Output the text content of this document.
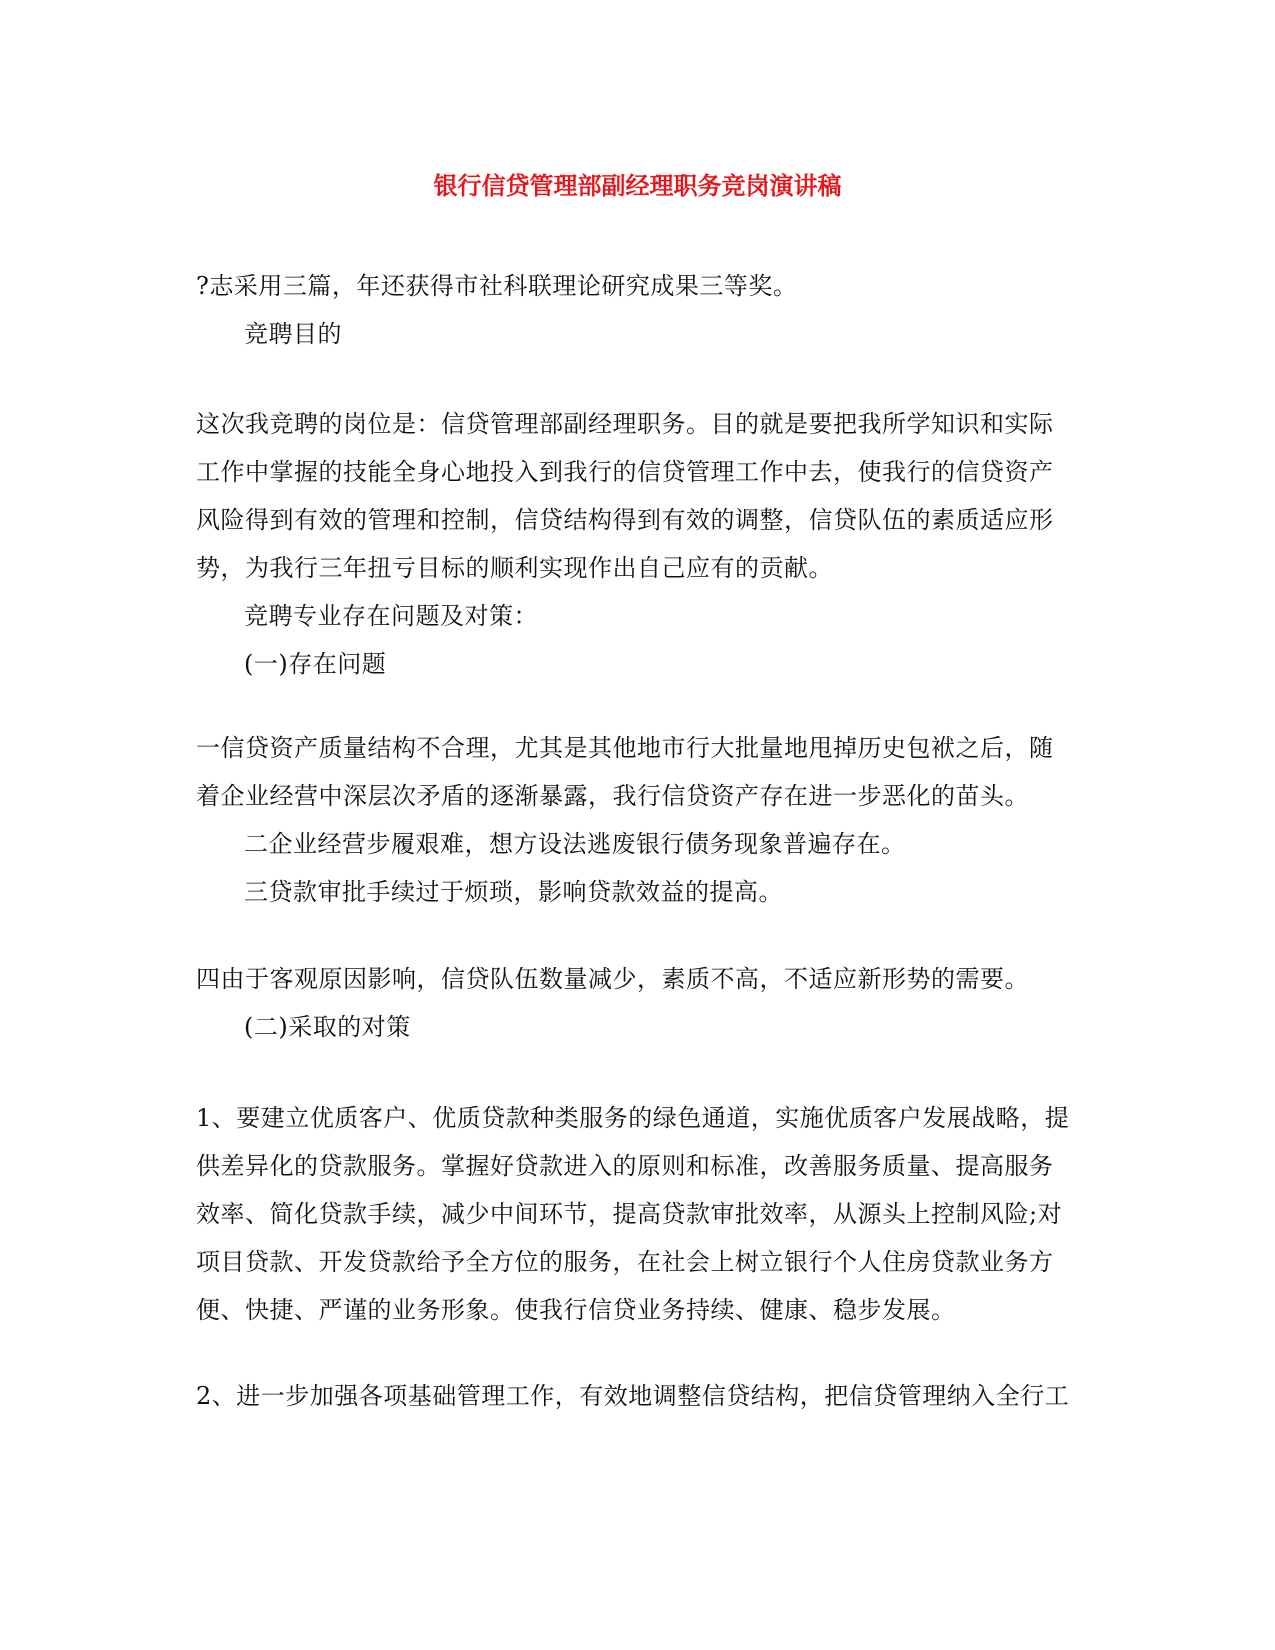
银行信贷管理部副经理职务竞岗演讲稿
?志采用三篇，年还获得市社科联理论研究成果三等奖。
竞聘目的
这次我竞聘的岗位是：信贷管理部副经理职务。目的就是要把我所学知识和实际
工作中掌握的技能全身心地投入到我行的信贷管理工作中去，使我行的信贷资产
风险得到有效的管理和控制，信贷结构得到有效的调整，信贷队伍的素质适应形
势，为我行三年扭亏目标的顺利实现作出自己应有的贡献。
竞聘专业存在问题及对策：
(一)存在问题
一信贷资产质量结构不合理，尤其是其他地市行大批量地甩掉历史包袱之后，随
着企业经营中深层次矛盾的逐渐暴露，我行信贷资产存在进一步恶化的苗头。
二企业经营步履艰难，想方设法逃废银行债务现象普遍存在。
三贷款审批手续过于烦琐，影响贷款效益的提高。
四由于客观原因影响，信贷队伍数量减少，素质不高，不适应新形势的需要。
(二)采取的对策
1、要建立优质客户、优质贷款种类服务的绿色通道，实施优质客户发展战略，提
供差异化的贷款服务。掌握好贷款进入的原则和标准，改善服务质量、提高服务
效率、简化贷款手续，减少中间环节，提高贷款审批效率，从源头上控制风险;对
项目贷款、开发贷款给予全方位的服务，在社会上树立银行个人住房贷款业务方
便、快捷、严谨的业务形象。使我行信贷业务持续、健康、稳步发展。
2、进一步加强各项基础管理工作，有效地调整信贷结构，把信贷管理纳入全行工
